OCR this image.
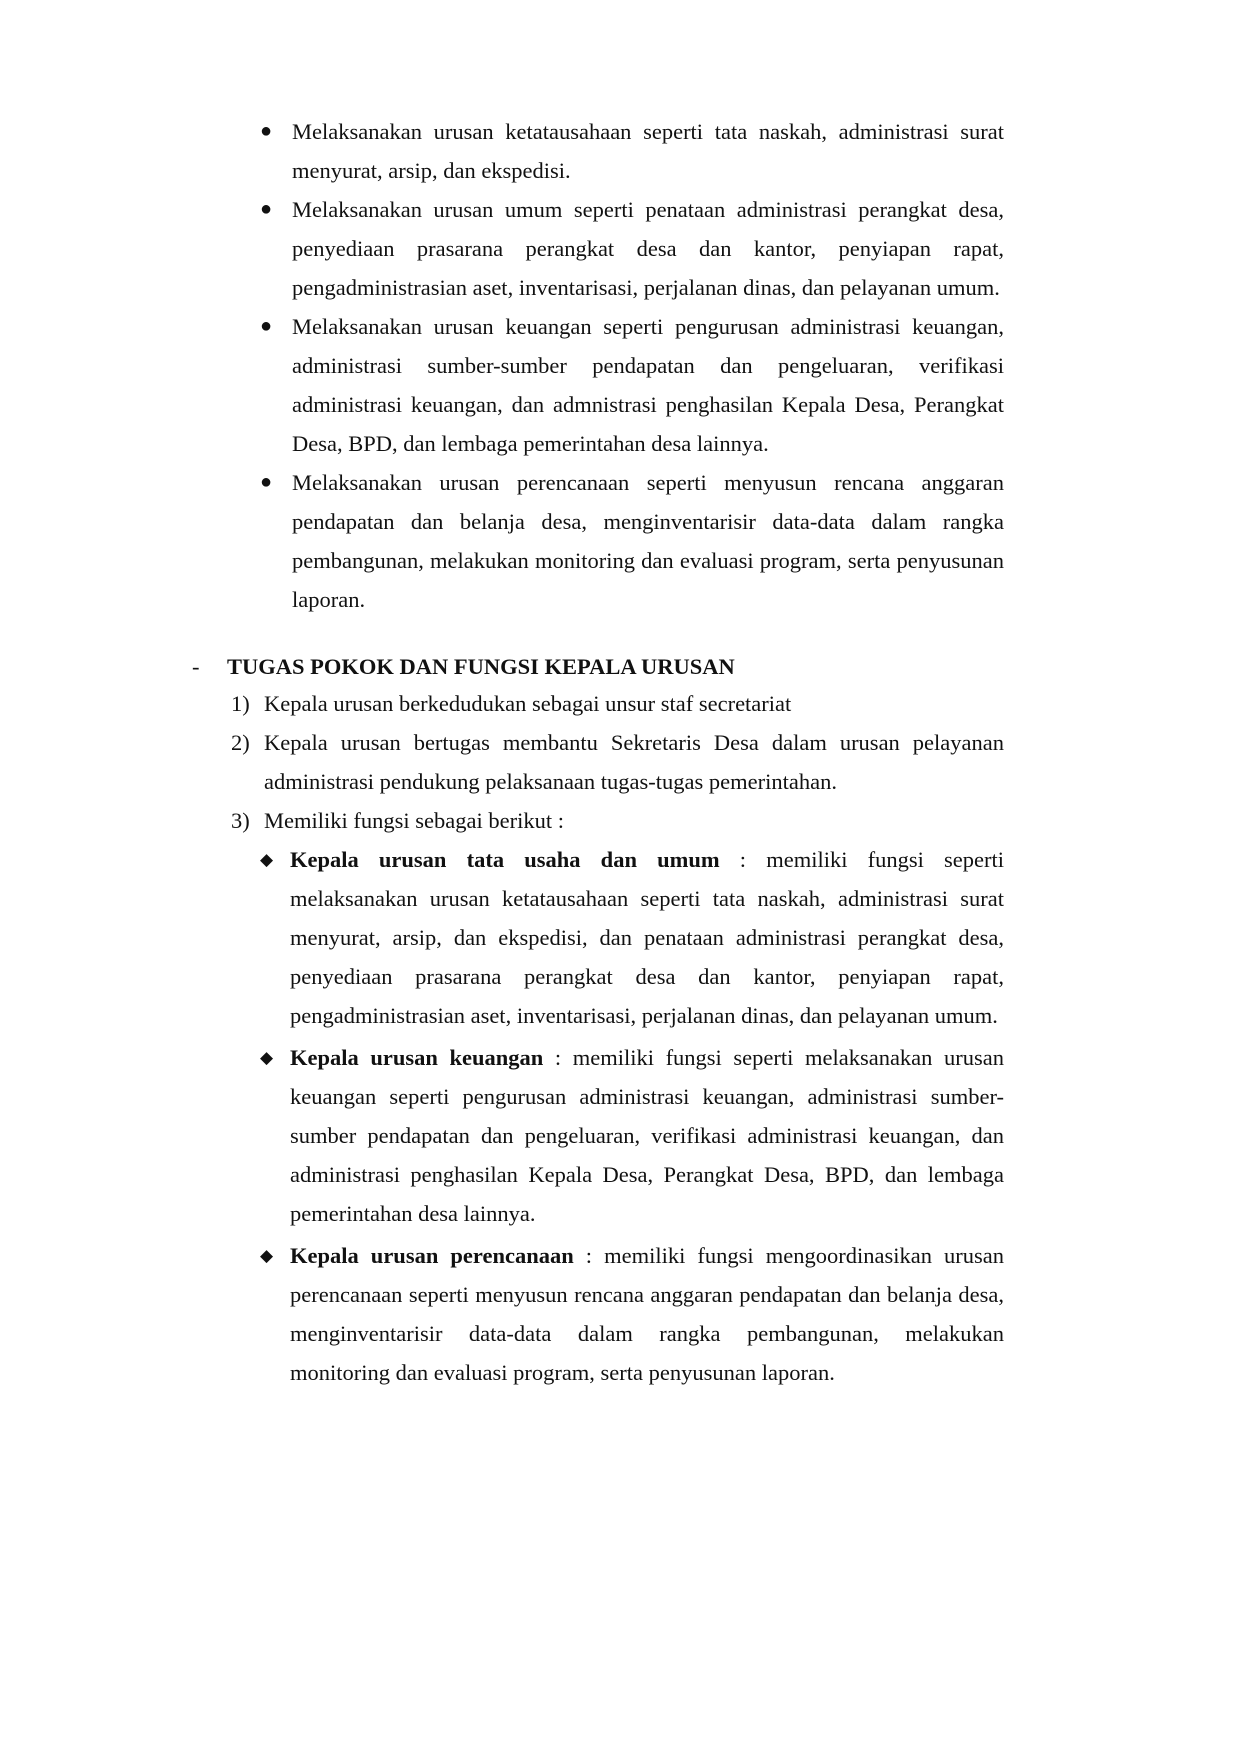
● Melaksanakan urusan ketatausahaan seperti tata naskah, administrasi surat menyurat, arsip, dan ekspedisi.
● Melaksanakan urusan umum seperti penataan administrasi perangkat desa, penyediaan prasarana perangkat desa dan kantor, penyiapan rapat, pengadministrasian aset, inventarisasi, perjalanan dinas, dan pelayanan umum.
● Melaksanakan urusan keuangan seperti pengurusan administrasi keuangan, administrasi sumber-sumber pendapatan dan pengeluaran, verifikasi administrasi keuangan, dan admnistrasi penghasilan Kepala Desa, Perangkat Desa, BPD, dan lembaga pemerintahan desa lainnya.
● Melaksanakan urusan perencanaan seperti menyusun rencana anggaran pendapatan dan belanja desa, menginventarisir data-data dalam rangka pembangunan, melakukan monitoring dan evaluasi program, serta penyusunan laporan.
- TUGAS POKOK DAN FUNGSI KEPALA URUSAN
1) Kepala urusan berkedudukan sebagai unsur staf secretariat
2) Kepala urusan bertugas membantu Sekretaris Desa dalam urusan pelayanan administrasi pendukung pelaksanaan tugas-tugas pemerintahan.
3) Memiliki fungsi sebagai berikut :
◆ Kepala urusan tata usaha dan umum : memiliki fungsi seperti melaksanakan urusan ketatausahaan seperti tata naskah, administrasi surat menyurat, arsip, dan ekspedisi, dan penataan administrasi perangkat desa, penyediaan prasarana perangkat desa dan kantor, penyiapan rapat, pengadministrasian aset, inventarisasi, perjalanan dinas, dan pelayanan umum.
◆ Kepala urusan keuangan : memiliki fungsi seperti melaksanakan urusan keuangan seperti pengurusan administrasi keuangan, administrasi sumber-sumber pendapatan dan pengeluaran, verifikasi administrasi keuangan, dan administrasi penghasilan Kepala Desa, Perangkat Desa, BPD, dan lembaga pemerintahan desa lainnya.
◆ Kepala urusan perencanaan : memiliki fungsi mengoordinasikan urusan perencanaan seperti menyusun rencana anggaran pendapatan dan belanja desa, menginventarisir data-data dalam rangka pembangunan, melakukan monitoring dan evaluasi program, serta penyusunan laporan.
